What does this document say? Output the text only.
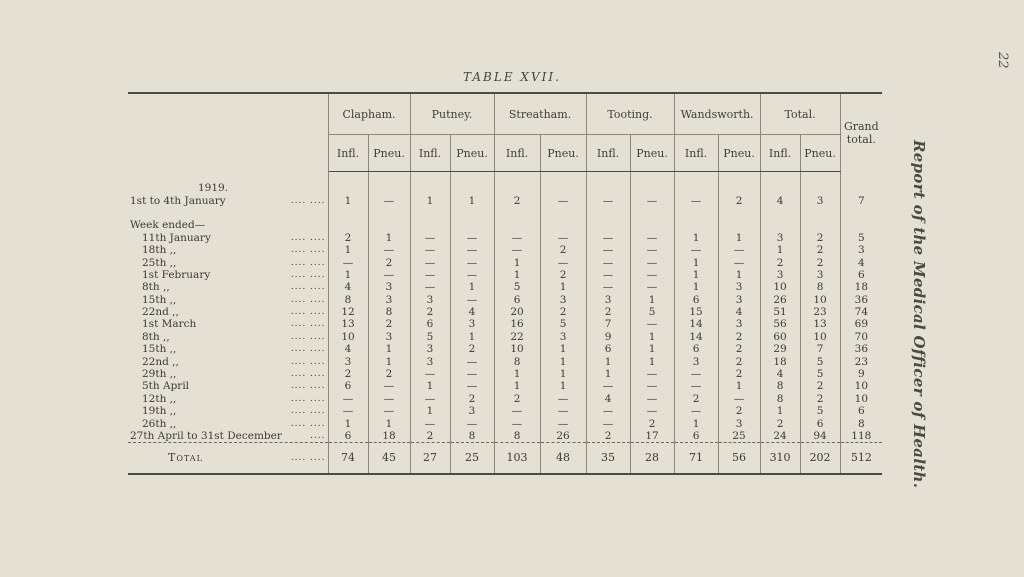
22
Report of the Medical Officer of Health.
TABLE XVII.
	Clapham.		Putney.		Streatham.		Tooting.		Wandsworth.		Total.		Grand total.
	Infl.	Pneu.	Infl.	Pneu.	Infl.	Pneu.	Infl.	Pneu.	Infl.	Pneu.	Infl.	Pneu.	

1919.													

1st to 4th January .... ....	1	—	1	1	2	—	—	—	—	2	4	3	7

Week ended—													

11th January .... ....	2	1	—	—	—	—	—	—	1	1	3	2	5

18th ,, .... ....	1	—	—	—	—	2	—	—	—	—	1	2	3

25th ,, .... ....	—	2	—	—	1	—	—	—	1	—	2	2	4

1st February .... ....	1	—	—	—	1	2	—	—	1	1	3	3	6

8th ,, .... ....	4	3	—	1	5	1	—	—	1	3	10	8	18

15th ,, .... ....	8	3	3	—	6	3	3	1	6	3	26	10	36

22nd ,, .... ....	12	8	2	4	20	2	2	5	15	4	51	23	74

1st March .... ....	13	2	6	3	16	5	7	—	14	3	56	13	69

8th ,, .... ....	10	3	5	1	22	3	9	1	14	2	60	10	70

15th ,, .... ....	4	1	3	2	10	1	6	1	6	2	29	7	36

22nd ,, .... ....	3	1	3	—	8	1	1	1	3	2	18	5	23

29th ,, .... ....	2	2	—	—	1	1	1	—	—	2	4	5	9

5th April .... ....	6	—	1	—	1	1	—	—	—	1	8	2	10

12th ,, .... ....	—	—	—	2	2	—	4	—	2	—	8	2	10

19th ,, .... ....	—	—	1	3	—	—	—	—	—	2	1	5	6

26th ,, .... ....	1	1	—	—	—	—	—	2	1	3	2	6	8

27th April to 31st December ....	6	18	2	8	8	26	2	17	6	25	24	94	118

Total .... ....	74	45	27	25	103	48	35	28	71	56	310	202	512
